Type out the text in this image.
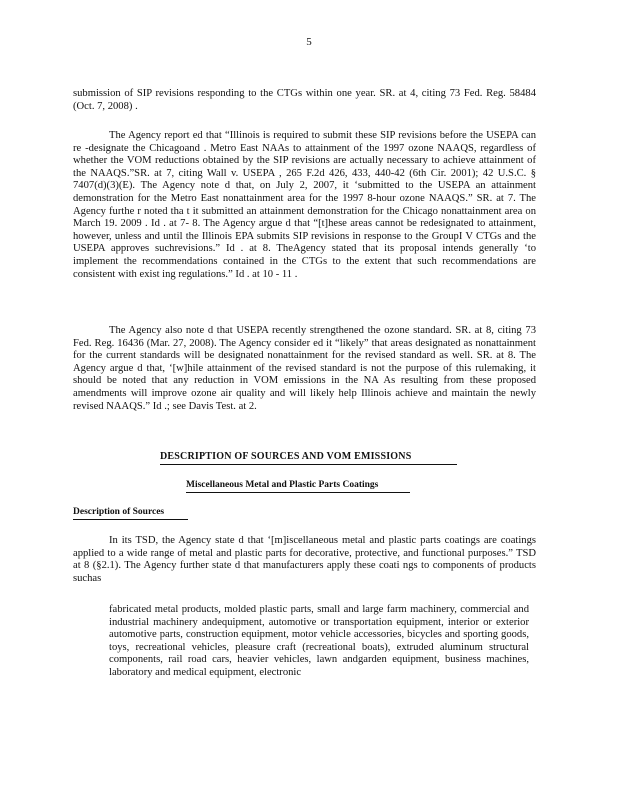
5

submission of SIP revisions responding to the CTGs within one year. SR. at 4, citing 73 Fed. Reg. 58484 (Oct. 7, 2008) .

The Agency report ed that “Illinois is required to submit these SIP revisions before the USEPA can re -designate the Chicagoand . Metro East NAAs to attainment of the 1997 ozone NAAQS, regardless of whether the VOM reductions obtained by the SIP revisions are actually necessary to achieve attainment of the NAAQS.”SR. at 7, citing Wall v. USEPA , 265 F.2d 426, 433, 440-42 (6th Cir. 2001); 42 U.S.C. § 7407(d)(3)(E). The Agency note d that, on July 2, 2007, it ‘submitted to the USEPA an attainment demonstration for the Metro East nonattainment area for the 1997 8-hour ozone NAAQS.” SR. at 7. The Agency furthe r noted tha t it submitted an attainment demonstration for the Chicago nonattainment area on March 19. 2009 . Id . at 7- 8. The Agency argue d that “[t]hese areas cannot be redesignated to attainment, however, unless and until the Illinois EPA submits SIP revisions in response to the GroupI V CTGs and the USEPA approves suchrevisions.” Id . at 8. TheAgency stated that its proposal intends generally ‘to implement the recommendations contained in the CTGs to the extent that such recommendations are consistent with exist ing regulations.” Id . at 10 - 11 .

The Agency also note d that USEPA recently strengthened the ozone standard. SR. at 8, citing 73 Fed. Reg. 16436 (Mar. 27, 2008). The Agency consider ed it “likely” that areas designated as nonattainment for the current standards will be designated nonattainment for the revised standard as well. SR. at 8. The Agency argue d that, ‘[w]hile attainment of the revised standard is not the purpose of this rulemaking, it should be noted that any reduction in VOM emissions in the NA As resulting from these proposed amendments will improve ozone air quality and will likely help Illinois achieve and maintain the newly revised NAAQS.” Id .; see Davis Test. at 2.

DESCRIPTION OF SOURCES AND VOM EMISSIONS
Miscellaneous Metal and Plastic Parts Coatings
Description of Sources

In its TSD, the Agency state d that ‘[m]iscellaneous metal and plastic parts coatings are coatings applied to a wide range of metal and plastic parts for decorative, protective, and functional purposes.” TSD at 8 (§2.1). The Agency further state d that manufacturers apply these coati ngs to components of products suchas

fabricated metal products, molded plastic parts, small and large farm machinery, commercial and industrial machinery andequipment, automotive or transportation equipment, interior or exterior automotive parts, construction equipment, motor vehicle accessories, bicycles and sporting goods, toys, recreational vehicles, pleasure craft (recreational boats), extruded aluminum structural components, rail road cars, heavier vehicles, lawn andgarden equipment, business machines, laboratory and medical equipment, electronic
